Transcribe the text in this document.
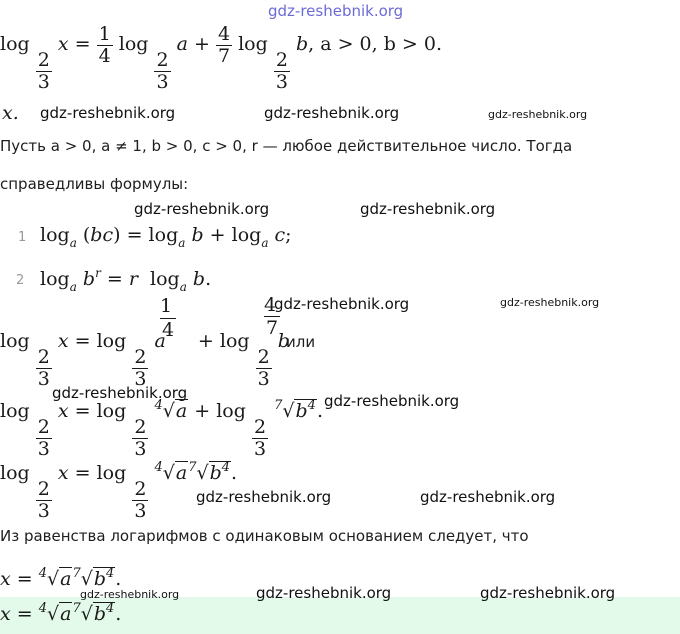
gdz-reshebnik.org
log
$\frac{2}{3}$
$x = \frac{1}{4}$ log
$\frac{2}{3}$
$a + \frac{4}{7}$ log
$\frac{2}{3}$
b, a > 0, b > 0.
x. gdz-reshebnik.org	gdz-reshebnik.org	gdz-reshebnik.org
Пусть a > 0, a ≠ 1, b > 0, c > 0, r — любое действительное число. Тогда
справедливы формулы:
gdz-reshebnik.org	gdz-reshebnik.org
1 $\log_a (bc) = \log_a b + \log_a c$;
2 $\log_a b^r = r$ $\log_a b$.
gdz-reshebnik.org	gdz-reshebnik.org
1
4
4
7
log
$\frac{2}{3}$
x = log
$\frac{2}{3}$
a + log
$\frac{2}{3}$
b
или
gdz-reshebnik.org	gdz-reshebnik.org
log
$\frac{2}{3}$
x = log
$\frac{2}{3}$
$^4$√a + log
$\frac{2}{3}$
$^7√b^4$.
log
$\frac{2}{3}$
x = log
$\frac{2}{3}$
$^4√a^7√b^4$.
gdz-reshebnik.org	gdz-reshebnik.org
Из равенства логарифмов с одинаковым основанием следует, что
$x = ^4√a^7√b^4$.
gdz-reshebnik.org	gdz-reshebnik.org	gdz-reshebnik.org
$x = ^4√a^7√b^4$.
